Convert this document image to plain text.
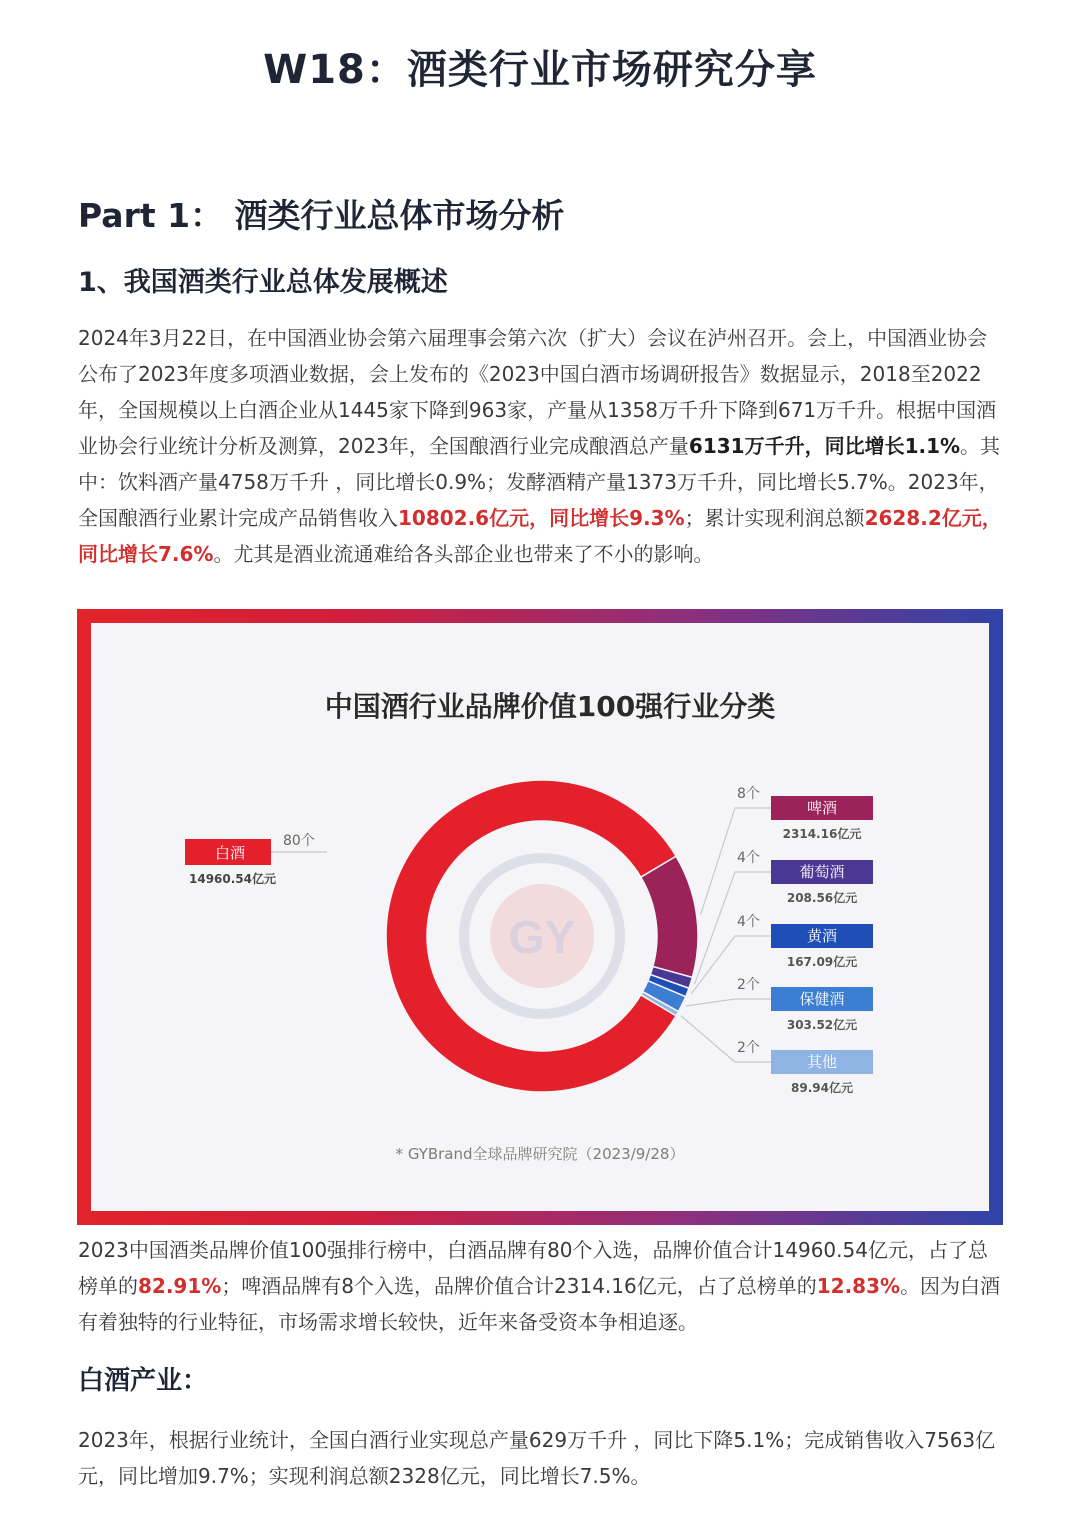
W18：酒类行业市场研究分享
Part 1： 酒类行业总体市场分析
1、我国酒类行业总体发展概述

2024年3月22日，在中国酒业协会第六届理事会第六次（扩大）会议在泸州召开。会上，中国酒业协会公布了2023年度多项酒业数据，会上发布的《2023中国白酒市场调研报告》数据显示，2018至2022年，全国规模以上白酒企业从1445家下降到963家，产量从1358万千升下降到671万千升。根据中国酒业协会行业统计分析及测算，2023年，全国酿酒行业完成酿酒总产量6131万千升，同比增长1.1%。其中：饮料酒产量4758万千升 ，同比增长0.9%；发酵酒精产量1373万千升，同比增长5.7%。2023年，全国酿酒行业累计完成产品销售收入10802.6亿元，同比增长9.3%；累计实现利润总额2628.2亿元，同比增长7.6%。尤其是酒业流通难给各头部企业也带来了不小的影响。

中国酒行业品牌价值100强行业分类
GY
白酒
14960.54亿元
80个
8个
啤酒
2314.16亿元
4个
葡萄酒
208.56亿元
4个
黄酒
167.09亿元
2个
保健酒
303.52亿元
2个
其他
89.94亿元
* GYBrand全球品牌研究院（2023/9/28）

2023中国酒类品牌价值100强排行榜中，白酒品牌有80个入选，品牌价值合计14960.54亿元，占了总榜单的82.91%；啤酒品牌有8个入选，品牌价值合计2314.16亿元，占了总榜单的12.83%。因为白酒有着独特的行业特征，市场需求增长较快，近年来备受资本争相追逐。

白酒产业：

2023年，根据行业统计，全国白酒行业实现总产量629万千升 ，同比下降5.1%；完成销售收入7563亿元，同比增加9.7%；实现利润总额2328亿元，同比增长7.5%。
